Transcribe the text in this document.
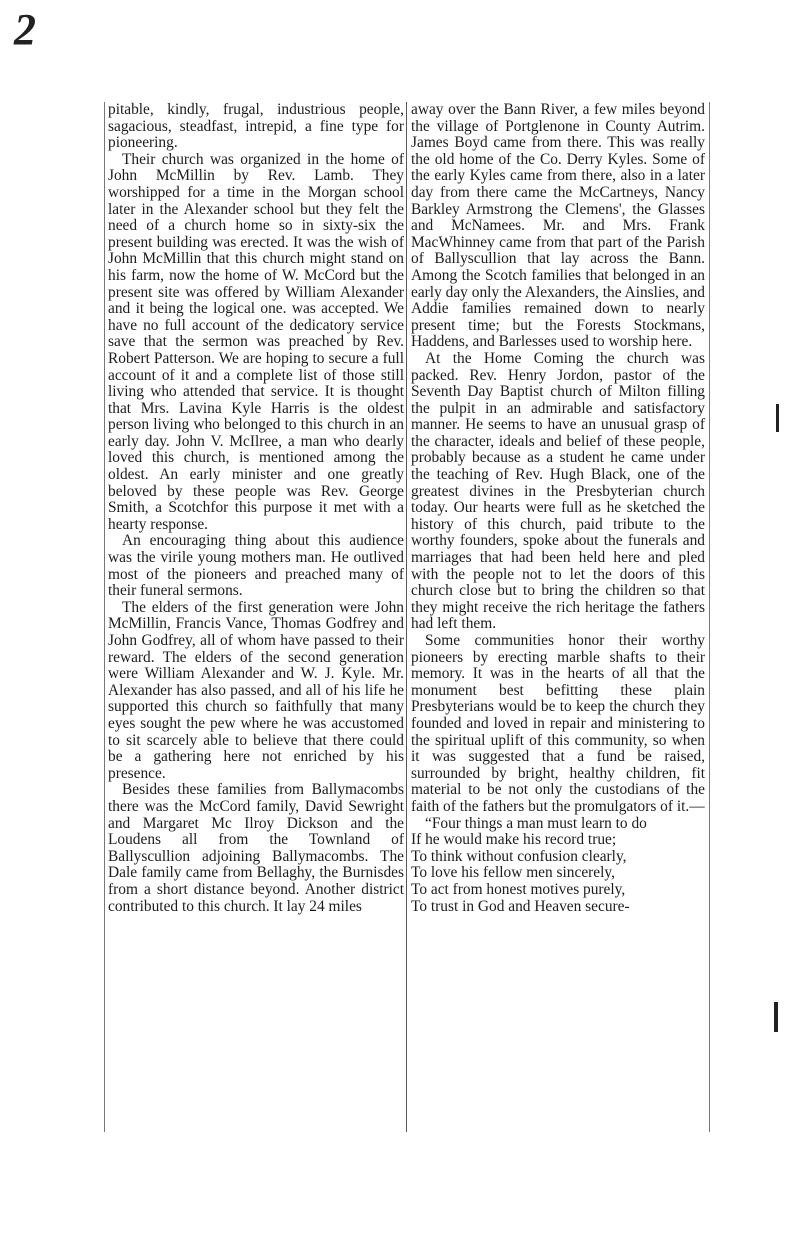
2

pitable, kindly, frugal, industrious people, sagacious, steadfast, intrepid, a fine type for pioneering.

Their church was organized in the home of John McMillin by Rev. Lamb. They worshipped for a time in the Morgan school later in the Alexander school but they felt the need of a church home so in sixty-six the present building was erected. It was the wish of John McMillin that this church might stand on his farm, now the home of W. McCord but the present site was offered by William Alexander and it being the logical one. was accepted. We have no full account of the dedicatory service save that the sermon was preached by Rev. Robert Patterson. We are hoping to secure a full account of it and a complete list of those still living who attended that service. It is thought that Mrs. Lavina Kyle Harris is the oldest person living who belonged to this church in an early day. John V. McIlree, a man who dearly loved this church, is mentioned among the oldest. An early minister and one greatly beloved by these people was Rev. George Smith, a Scotchfor this purpose it met with a hearty response.

An encouraging thing about this audience was the virile young mothers man. He outlived most of the pioneers and preached many of their funeral sermons.

The elders of the first generation were John McMillin, Francis Vance, Thomas Godfrey and John Godfrey, all of whom have passed to their reward. The elders of the second generation were William Alexander and W. J. Kyle. Mr. Alexander has also passed, and all of his life he supported this church so faithfully that many eyes sought the pew where he was accustomed to sit scarcely able to believe that there could be a gathering here not enriched by his presence.

Besides these families from Ballymacombs there was the McCord family, David Sewright and Margaret Mc Ilroy Dickson and the Loudens all from the Townland of Ballyscullion adjoining Ballymacombs. The Dale family came from Bellaghy, the Burnisdes from a short distance beyond. Another district contributed to this church. It lay 24 miles

away over the Bann River, a few miles beyond the village of Portglenone in County Autrim. James Boyd came from there. This was really the old home of the Co. Derry Kyles. Some of the early Kyles came from there, also in a later day from there came the McCartneys, Nancy Barkley Armstrong the Clemens', the Glasses and McNamees. Mr. and Mrs. Frank MacWhinney came from that part of the Parish of Ballyscullion that lay across the Bann. Among the Scotch families that belonged in an early day only the Alexanders, the Ainslies, and Addie families remained down to nearly present time; but the Forests Stockmans, Haddens, and Barlesses used to worship here.

At the Home Coming the church was packed. Rev. Henry Jordon, pastor of the Seventh Day Baptist church of Milton filling the pulpit in an admirable and satisfactory manner. He seems to have an unusual grasp of the character, ideals and belief of these people, probably because as a student he came under the teaching of Rev. Hugh Black, one of the greatest divines in the Presbyterian church today. Our hearts were full as he sketched the history of this church, paid tribute to the worthy founders, spoke about the funerals and marriages that had been held here and pled with the people not to let the doors of this church close but to bring the children so that they might receive the rich heritage the fathers had left them.

Some communities honor their worthy pioneers by erecting marble shafts to their memory. It was in the hearts of all that the monument best befitting these plain Presbyterians would be to keep the church they founded and loved in repair and ministering to the spiritual uplift of this community, so when it was suggested that a fund be raised, surrounded by bright, healthy children, fit material to be not only the custodians of the faith of the fathers but the promulgators of it.—

“Four things a man must learn to do
If he would make his record true;
To think without confusion clearly,
To love his fellow men sincerely,
To act from honest motives purely,
To trust in God and Heaven secure-
